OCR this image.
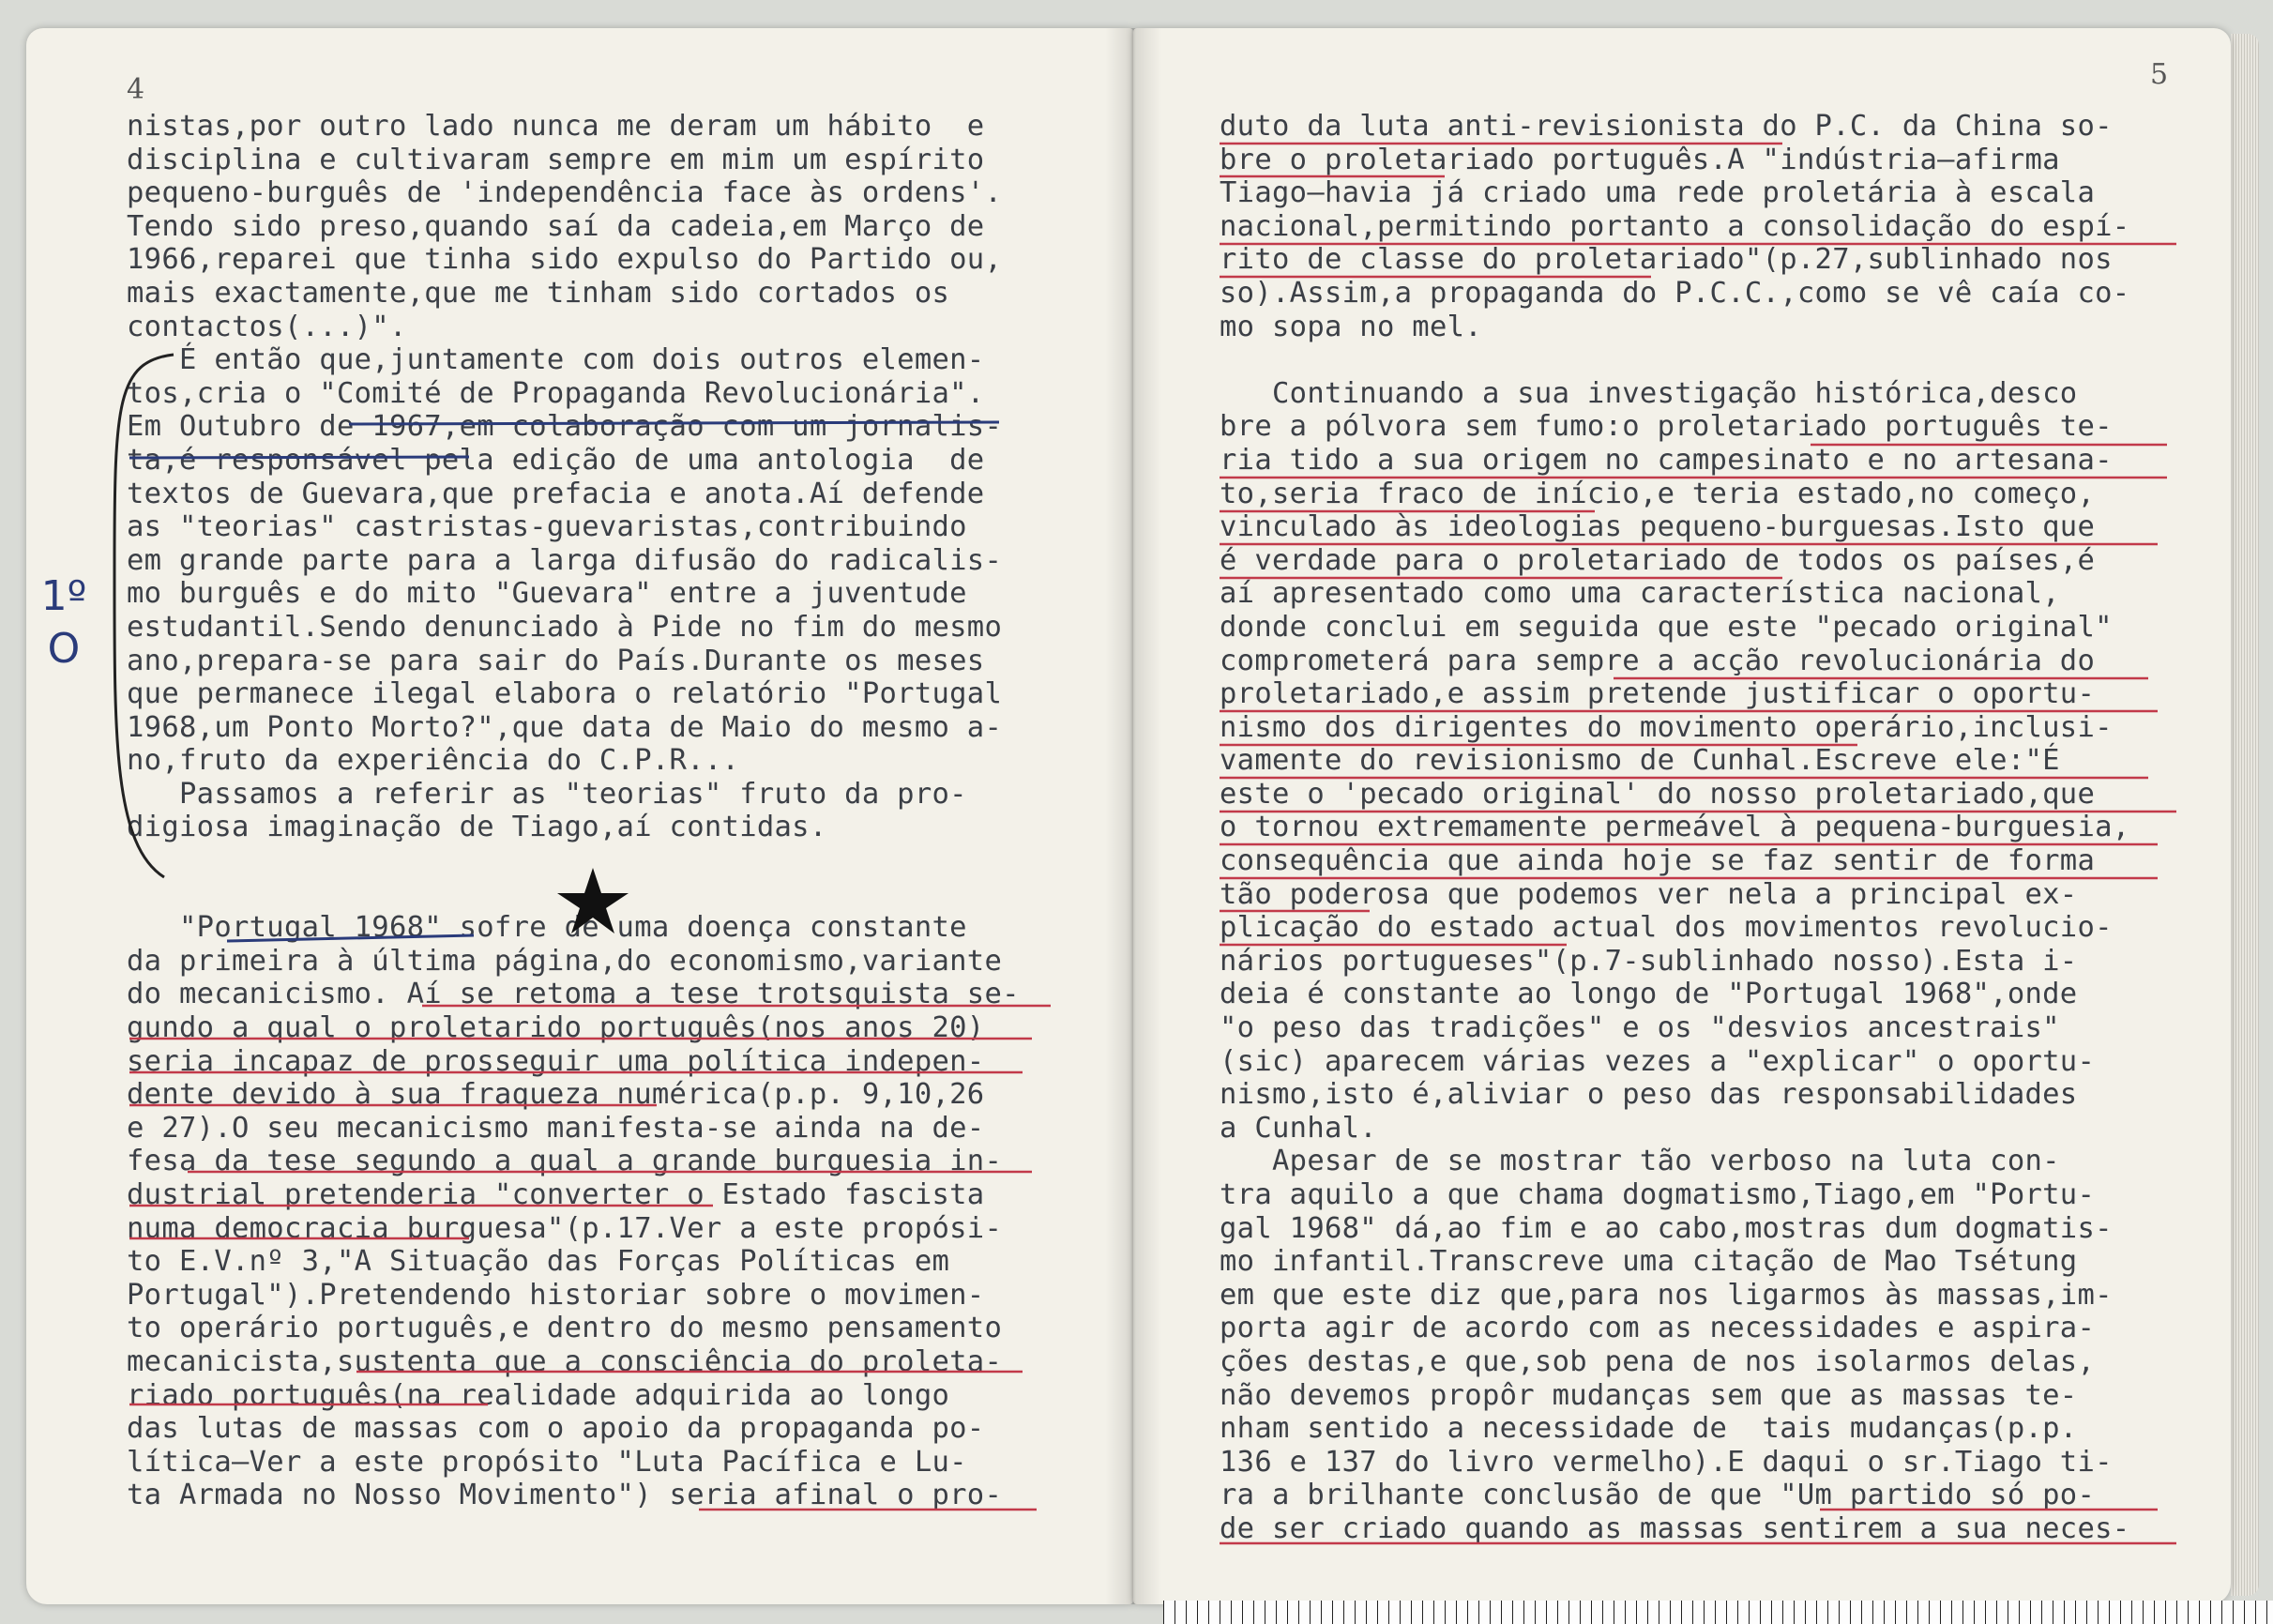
4	5
nistas,por outro lado nunca me deram um hábito  e
disciplina e cultivaram sempre em mim um espírito
pequeno-burguês de 'independência face às ordens'.
Tendo sido preso,quando saí da cadeia,em Março de
1966,reparei que tinha sido expulso do Partido ou,
mais exactamente,que me tinham sido cortados os
contactos(...)".
É então que,juntamente com dois outros elemen-
tos,cria o "Comité de Propaganda Revolucionária".
Em Outubro de 1967,em colaboração com um jornalis-
ta,é responsável pela edição de uma antologia  de
textos de Guevara,que prefacia e anota.Aí defende
as "teorias" castristas-guevaristas,contribuindo
em grande parte para a larga difusão do radicalis-
mo burguês e do mito "Guevara" entre a juventude
estudantil.Sendo denunciado à Pide no fim do mesmo
ano,prepara-se para sair do País.Durante os meses
que permanece ilegal elabora o relatório "Portugal
1968,um Ponto Morto?",que data de Maio do mesmo a-
no,fruto da experiência do C.P.R...
Passamos a referir as "teorias" fruto da pro-
digiosa imaginação de Tiago,aí contidas.

"Portugal 1968" sofre de uma doença constante
da primeira à última página,do economismo,variante
do mecanicismo. Aí se retoma a tese trotsquista se-
gundo a qual o proletarido português(nos anos 20)
seria incapaz de prosseguir uma política indepen-
dente devido à sua fraqueza numérica(p.p. 9,10,26
e 27).O seu mecanicismo manifesta-se ainda na de-
fesa da tese segundo a qual a grande burguesia in-
dustrial pretenderia "converter o Estado fascista
numa democracia burguesa"(p.17.Ver a este propósi-
to E.V.nº 3,"A Situação das Forças Políticas em
Portugal").Pretendendo historiar sobre o movimen-
to operário português,e dentro do mesmo pensamento
mecanicista,sustenta que a consciência do proleta-
riado português(na realidade adquirida ao longo
das lutas de massas com o apoio da propaganda po-
lítica—Ver a este propósito "Luta Pacífica e Lu-
ta Armada no Nosso Movimento") seria afinal o pro-
duto da luta anti-revisionista do P.C. da China so-
bre o proletariado português.A "indústria—afirma
Tiago—havia já criado uma rede proletária à escala
nacional,permitindo portanto a consolidação do espí-
rito de classe do proletariado"(p.27,sublinhado nos
so).Assim,a propaganda do P.C.C.,como se vê caía co-
mo sopa no mel.

Continuando a sua investigação histórica,desco
bre a pólvora sem fumo:o proletariado português te-
ria tido a sua origem no campesinato e no artesana-
to,seria fraco de início,e teria estado,no começo,
vinculado às ideologias pequeno-burguesas.Isto que
é verdade para o proletariado de todos os países,é
aí apresentado como uma característica nacional,
donde conclui em seguida que este "pecado original"
comprometerá para sempre a acção revolucionária do
proletariado,e assim pretende justificar o oportu-
nismo dos dirigentes do movimento operário,inclusi-
vamente do revisionismo de Cunhal.Escreve ele:"É
este o 'pecado original' do nosso proletariado,que
o tornou extremamente permeável à pequena-burguesia,
consequência que ainda hoje se faz sentir de forma
tão poderosa que podemos ver nela a principal ex-
plicação do estado actual dos movimentos revolucio-
nários portugueses"(p.7-sublinhado nosso).Esta i-
deia é constante ao longo de "Portugal 1968",onde
"o peso das tradições" e os "desvios ancestrais"
(sic) aparecem várias vezes a "explicar" o oportu-
nismo,isto é,aliviar o peso das responsabilidades
a Cunhal.
Apesar de se mostrar tão verboso na luta con-
tra aquilo a que chama dogmatismo,Tiago,em "Portu-
gal 1968" dá,ao fim e ao cabo,mostras dum dogmatis-
mo infantil.Transcreve uma citação de Mao Tsétung
em que este diz que,para nos ligarmos às massas,im-
porta agir de acordo com as necessidades e aspira-
ções destas,e que,sob pena de nos isolarmos delas,
não devemos propôr mudanças sem que as massas te-
nham sentido a necessidade de  tais mudanças(p.p.
136 e 137 do livro vermelho).E daqui o sr.Tiago ti-
ra a brilhante conclusão de que "Um partido só po-
de ser criado quando as massas sentirem a sua neces-
1º
O
